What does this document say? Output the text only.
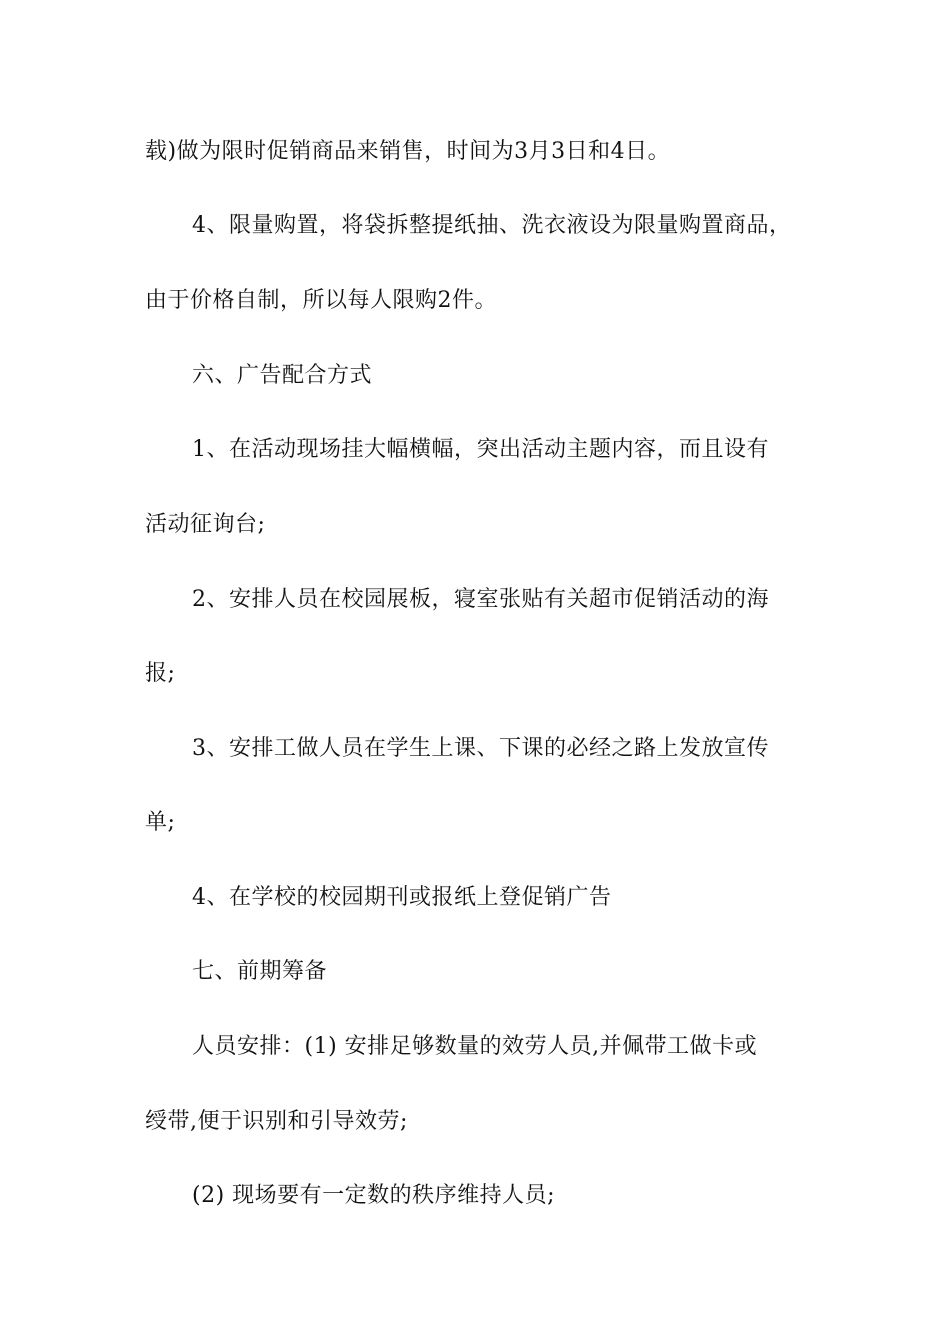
载)做为限时促销商品来销售，时间为3月3日和4日。

4、限量购置，将袋拆整提纸抽、洗衣液设为限量购置商品，

由于价格自制，所以每人限购2件。

六、广告配合方式

1、在活动现场挂大幅横幅，突出活动主题内容，而且设有

活动征询台;

2、安排人员在校园展板，寝室张贴有关超市促销活动的海

报;

3、安排工做人员在学生上课、下课的必经之路上发放宣传

单;

4、在学校的校园期刊或报纸上登促销广告

七、前期筹备

人员安排：(1) 安排足够数量的效劳人员,并佩带工做卡或

绶带,便于识别和引导效劳;

(2) 现场要有一定数的秩序维持人员;
